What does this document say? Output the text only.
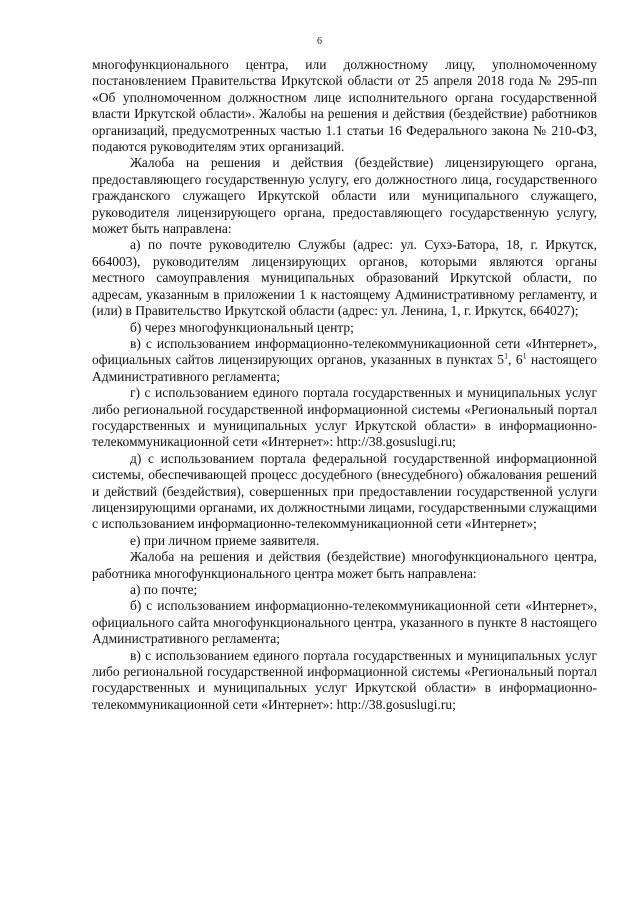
6

многофункционального центра, или должностному лицу, уполномоченному постановлением Правительства Иркутской области от 25 апреля 2018 года № 295-пп «Об уполномоченном должностном лице исполнительного органа государственной власти Иркутской области». Жалобы на решения и действия (бездействие) работников организаций, предусмотренных частью 1.1 статьи 16 Федерального закона № 210-ФЗ, подаются руководителям этих организаций.

Жалоба на решения и действия (бездействие) лицензирующего органа, предоставляющего государственную услугу, его должностного лица, государственного гражданского служащего Иркутской области или муниципального служащего, руководителя лицензирующего органа, предоставляющего государственную услугу, может быть направлена:

а) по почте руководителю Службы (адрес: ул. Сухэ-Батора, 18, г. Иркутск, 664003), руководителям лицензирующих органов, которыми являются органы местного самоуправления муниципальных образований Иркутской области, по адресам, указанным в приложении 1 к настоящему Административному регламенту, и (или) в Правительство Иркутской области (адрес: ул. Ленина, 1, г. Иркутск, 664027);

б) через многофункциональный центр;

в) с использованием информационно-телекоммуникационной сети «Интернет», официальных сайтов лицензирующих органов, указанных в пунктах $5^1$, $6^1$ настоящего Административного регламента;

г) с использованием единого портала государственных и муниципальных услуг либо региональной государственной информационной системы «Региональный портал государственных и муниципальных услуг Иркутской области» в информационно-телекоммуникационной сети «Интернет»: http://38.gosuslugi.ru;

д) с использованием портала федеральной государственной информационной системы, обеспечивающей процесс досудебного (внесудебного) обжалования решений и действий (бездействия), совершенных при предоставлении государственной услуги лицензирующими органами, их должностными лицами, государственными служащими с использованием информационно-телекоммуникационной сети «Интернет»;

е) при личном приеме заявителя.

Жалоба на решения и действия (бездействие) многофункционального центра, работника многофункционального центра может быть направлена:

а) по почте;

б) с использованием информационно-телекоммуникационной сети «Интернет», официального сайта многофункционального центра, указанного в пункте 8 настоящего Административного регламента;

в) с использованием единого портала государственных и муниципальных услуг либо региональной государственной информационной системы «Региональный портал государственных и муниципальных услуг Иркутской области» в информационно-телекоммуникационной сети «Интернет»: http://38.gosuslugi.ru;
